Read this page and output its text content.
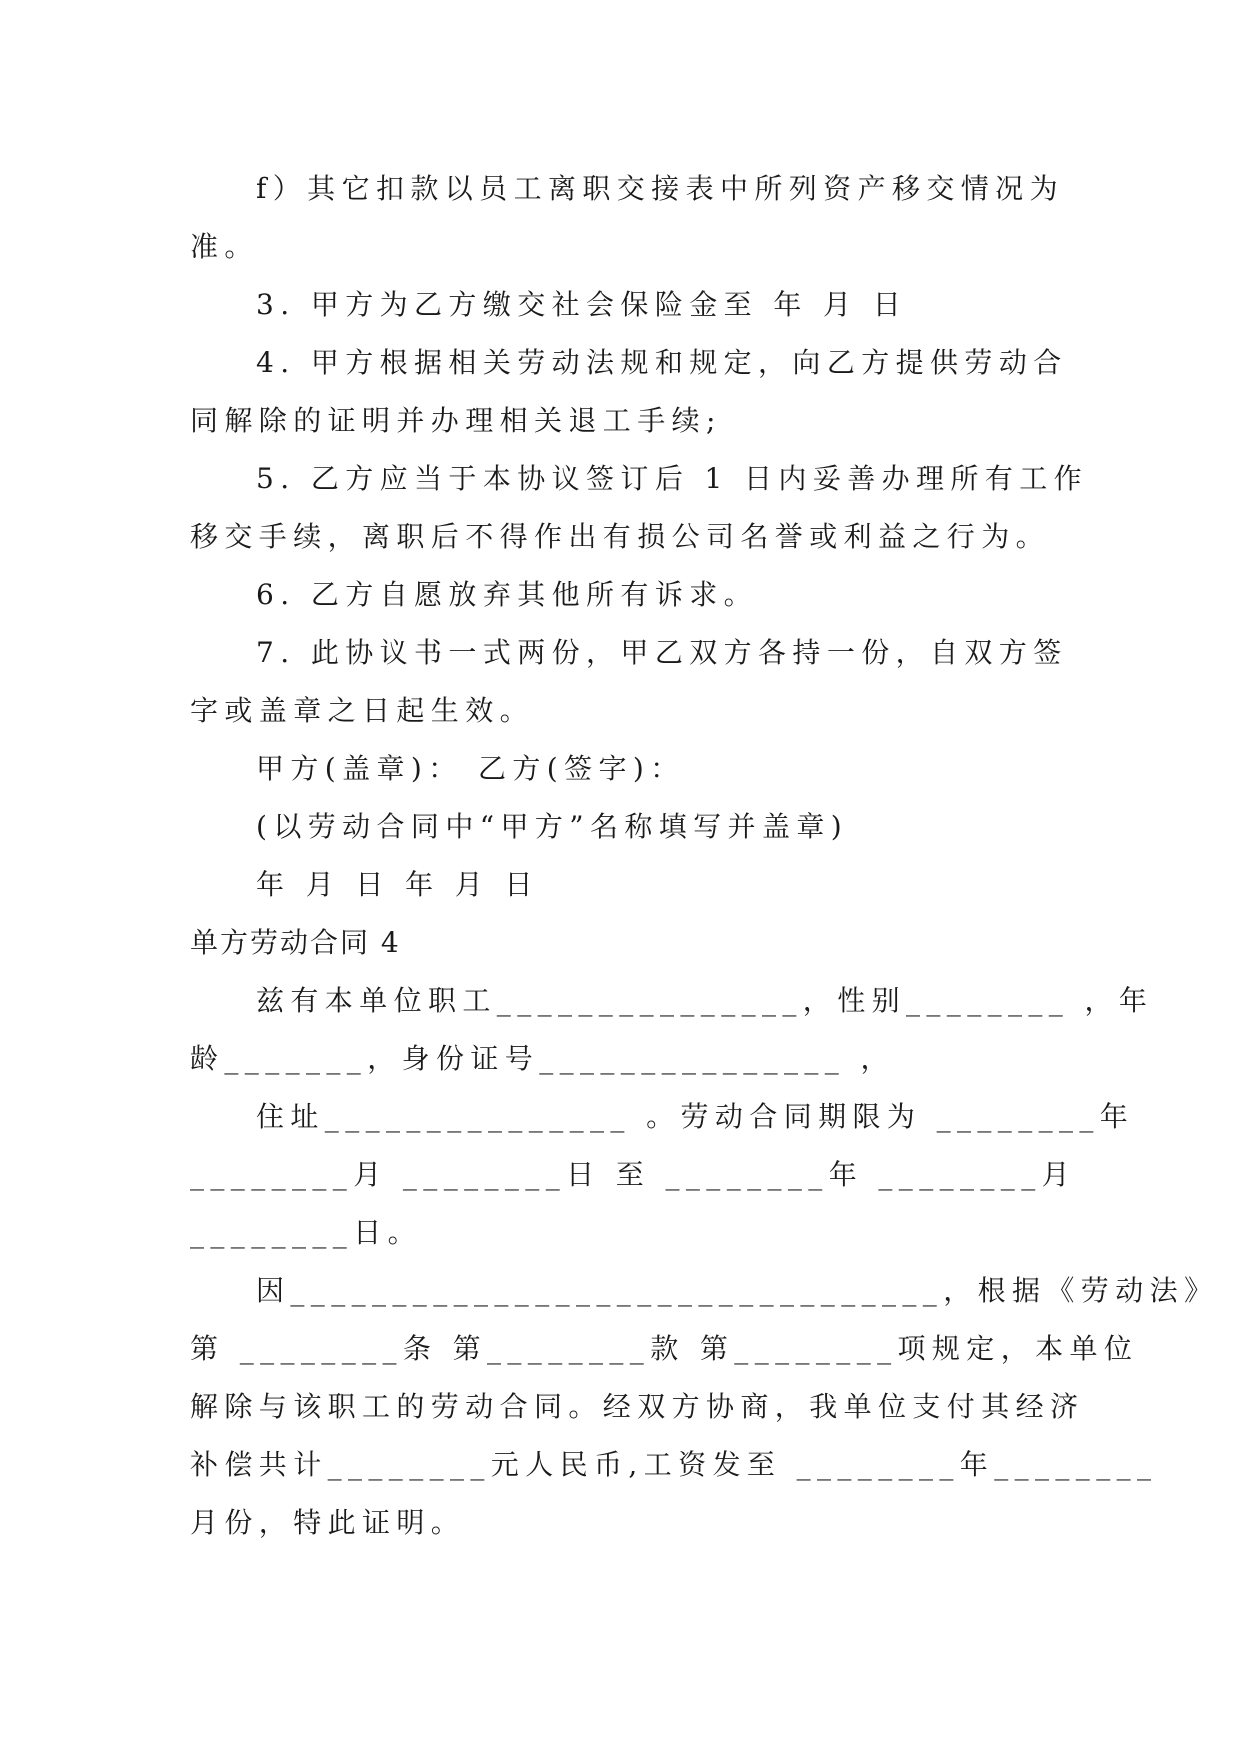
f）其它扣款以员工离职交接表中所列资产移交情况为
准。
3. 甲方为乙方缴交社会保险金至 年 月 日
4. 甲方根据相关劳动法规和规定，向乙方提供劳动合
同解除的证明并办理相关退工手续;
5. 乙方应当于本协议签订后 1 日内妥善办理所有工作
移交手续，离职后不得作出有损公司名誉或利益之行为。
6. 乙方自愿放弃其他所有诉求。
7. 此协议书一式两份，甲乙双方各持一份，自双方签
字或盖章之日起生效。
甲方(盖章)： 乙方(签字)：
(以劳动合同中“甲方”名称填写并盖章)
年 月 日 年 月 日
单方劳动合同 4
兹有本单位职工_______________，性别________ ，年
龄_______，身份证号_______________ ，
住址_______________ 。劳动合同期限为 ________年
________月 ________日 至 ________年 ________月
________日。
因________________________________，根据《劳动法》
第 ________条 第________款 第________项规定，本单位
解除与该职工的劳动合同。经双方协商，我单位支付其经济
补偿共计________元人民币,工资发至 ________年________
月份，特此证明。
